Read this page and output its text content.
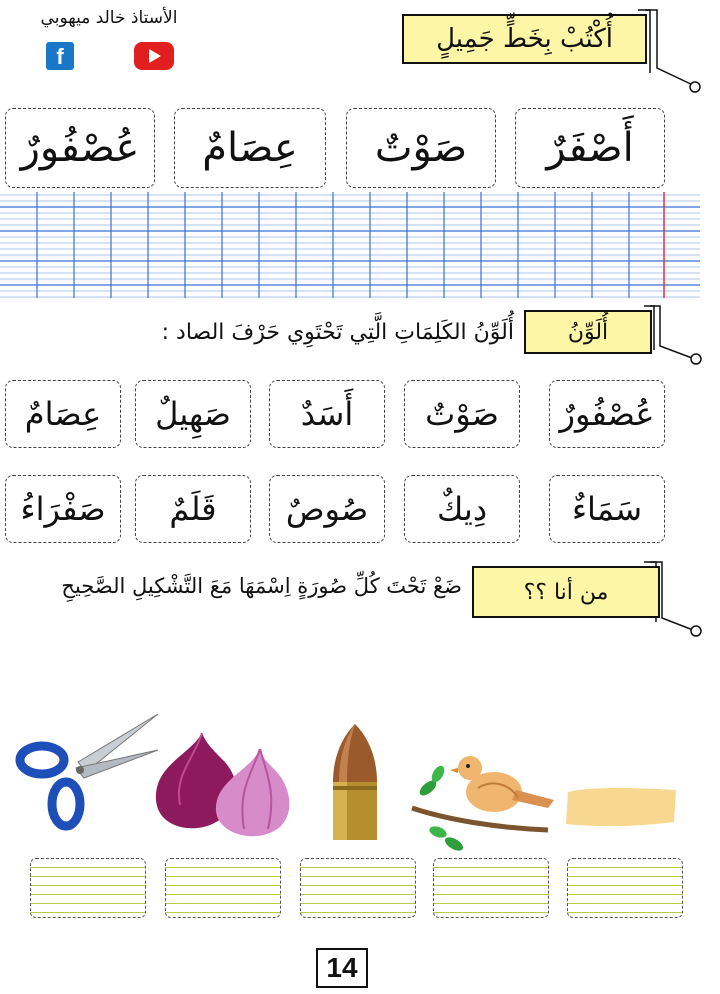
الأستاذ خالد ميهوبي
f
أُكْتُبْ بِخَطٍّ جَمِيلٍ
أَصْفَرٌ
صَوْتٌ
عِصَامٌ
عُصْفُورٌ
أُلَوِّنُ
أُلَوِّنُ الكَلِمَاتِ الَّتِي تَحْتَوِي حَرْفَ الصاد :
عُصْفُورٌ
صَوْتٌ
أَسَدٌ
صَهِيلٌ
عِصَامٌ
سَمَاءٌ
دِيكٌ
صُوصٌ
قَلَمٌ
صَفْرَاءُ
من أنا ؟؟
ضَعْ تَحْتَ كُلِّ صُورَةٍ اِسْمَهَا مَعَ التَّشْكِيلِ الصَّحِيحِ
14
